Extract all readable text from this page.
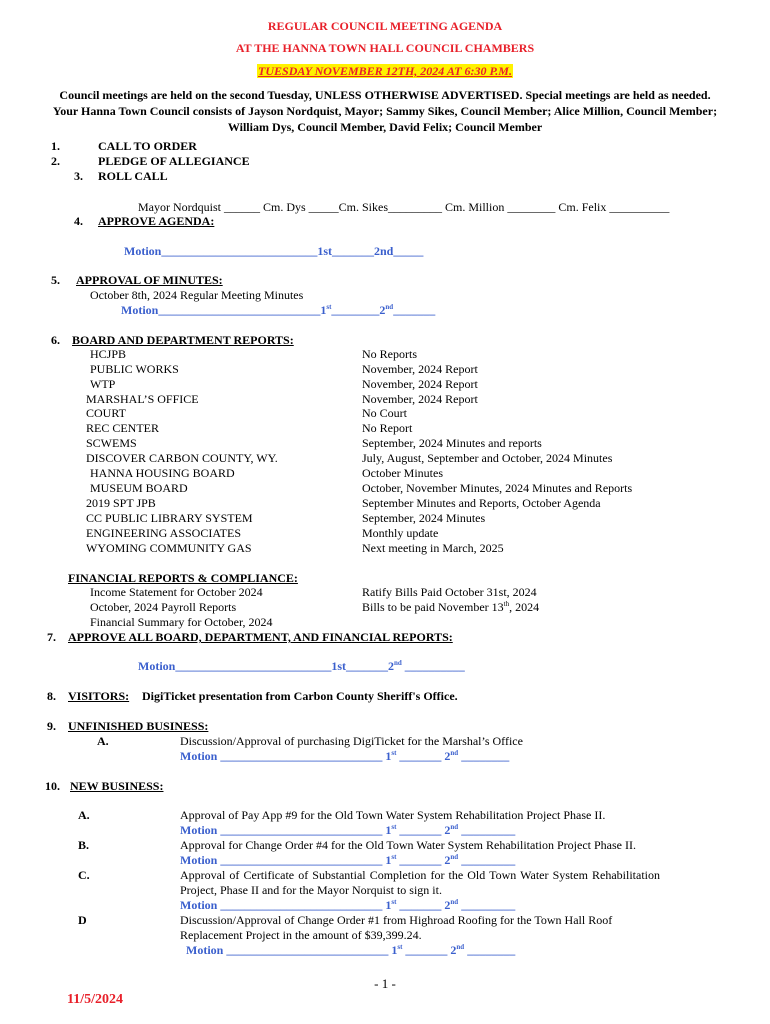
REGULAR COUNCIL MEETING AGENDA
AT THE HANNA TOWN HALL COUNCIL CHAMBERS
TUESDAY NOVEMBER 12TH, 2024 AT 6:30 P.M.
Council meetings are held on the second Tuesday, UNLESS OTHERWISE ADVERTISED. Special meetings are held as needed. Your Hanna Town Council consists of Jayson Nordquist, Mayor; Sammy Sikes, Council Member; Alice Million, Council Member; William Dys, Council Member, David Felix; Council Member
1.	CALL TO ORDER
2.	PLEDGE OF ALLEGIANCE
3. ROLL CALL
Mayor Nordquist ______ Cm. Dys _____Cm. Sikes_________ Cm. Million ________ Cm. Felix __________
4. APPROVE AGENDA:
Motion__________________________1st_______2nd_____
5. APPROVAL OF MINUTES:
October 8th, 2024 Regular Meeting Minutes
Motion___________________________1st________2nd_______
6. BOARD AND DEPARTMENT REPORTS:
HCJPB	No Reports
PUBLIC WORKS	November, 2024 Report
WTP	November, 2024 Report
MARSHAL’S OFFICE	November, 2024 Report
COURT	No Court
REC CENTER	No Report
SCWEMS	September, 2024 Minutes and reports
DISCOVER CARBON COUNTY, WY.	July, August, September and October, 2024 Minutes
HANNA HOUSING BOARD	October Minutes
MUSEUM BOARD	October, November Minutes, 2024 Minutes and Reports
2019 SPT JPB	September Minutes and Reports, October Agenda
CC PUBLIC LIBRARY SYSTEM	September, 2024 Minutes
ENGINEERING ASSOCIATES	Monthly update
WYOMING COMMUNITY GAS	Next meeting in March, 2025
FINANCIAL REPORTS & COMPLIANCE:
Income Statement for October 2024	Ratify Bills Paid October 31st, 2024
October, 2024 Payroll Reports	Bills to be paid November 13th, 2024
Financial Summary for October, 2024
7. APPROVE ALL BOARD, DEPARTMENT, AND FINANCIAL REPORTS:
Motion__________________________1st_______2nd __________
8. VISITORS: DigiTicket presentation from Carbon County Sheriff's Office.
9. UNFINISHED BUSINESS:
A.	Discussion/Approval of purchasing DigiTicket for the Marshal’s Office
Motion ___________________________ 1st _______ 2nd ________
10. NEW BUSINESS:
A.	Approval of Pay App #9 for the Old Town Water System Rehabilitation Project Phase II.
Motion ___________________________ 1st _______ 2nd _________
B.	Approval for Change Order #4 for the Old Town Water System Rehabilitation Project Phase II.
Motion ___________________________ 1st _______ 2nd _________
C.	Approval of Certificate of Substantial Completion for the Old Town Water System Rehabilitation Project, Phase II and for the Mayor Norquist to sign it.
Motion ___________________________ 1st _______ 2nd _________
D	Discussion/Approval of Change Order #1 from Highroad Roofing for the Town Hall Roof Replacement Project in the amount of $39,399.24.
Motion ___________________________ 1st _______ 2nd ________
- 1 -
11/5/2024
